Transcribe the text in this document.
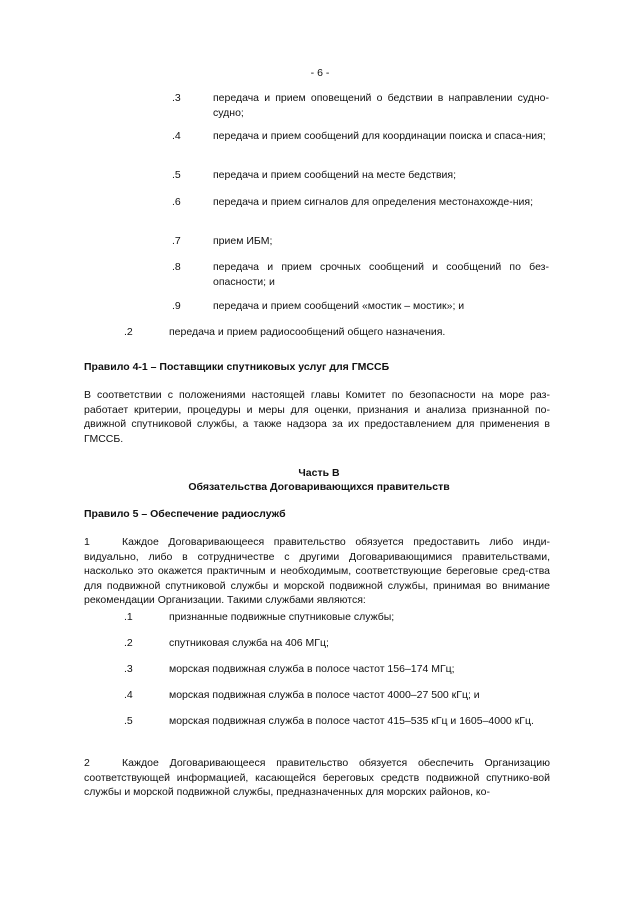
- 6 -
.3	передача и прием оповещений о бедствии в направлении судно-судно;
.4	передача и прием сообщений для координации поиска и спаса-ния;
.5	передача и прием сообщений на месте бедствия;
.6	передача и прием сигналов для определения местонахожде-ния;
.7	прием ИБМ;
.8	передача и прием срочных сообщений и сообщений по без-опасности; и
.9	передача и прием сообщений «мостик – мостик»; и
.2	передача и прием радиосообщений общего назначения.
Правило 4-1 – Поставщики спутниковых услуг для ГМССБ
В соответствии с положениями настоящей главы Комитет по безопасности на море раз-работает критерии, процедуры и меры для оценки, признания и анализа признанной по-движной спутниковой службы, а также надзора за их предоставлением для применения в ГМССБ.
Часть В
Обязательства Договаривающихся правительств
Правило 5 – Обеспечение радиослужб
1	Каждое Договаривающееся правительство обязуется предоставить либо инди-видуально, либо в сотрудничестве с другими Договаривающимися правительствами, насколько это окажется практичным и необходимым, соответствующие береговые сред-ства для подвижной спутниковой службы и морской подвижной службы, принимая во внимание рекомендации Организации. Такими службами являются:
.1	признанные подвижные спутниковые службы;
.2	спутниковая служба на 406 МГц;
.3	морская подвижная служба в полосе частот 156–174 МГц;
.4	морская подвижная служба в полосе частот 4000–27 500 кГц; и
.5	морская подвижная служба в полосе частот 415–535 кГц и 1605–4000 кГц.
2	Каждое Договаривающееся правительство обязуется обеспечить Организацию соответствующей информацией, касающейся береговых средств подвижной спутнико-вой службы и морской подвижной службы, предназначенных для морских районов, ко-
